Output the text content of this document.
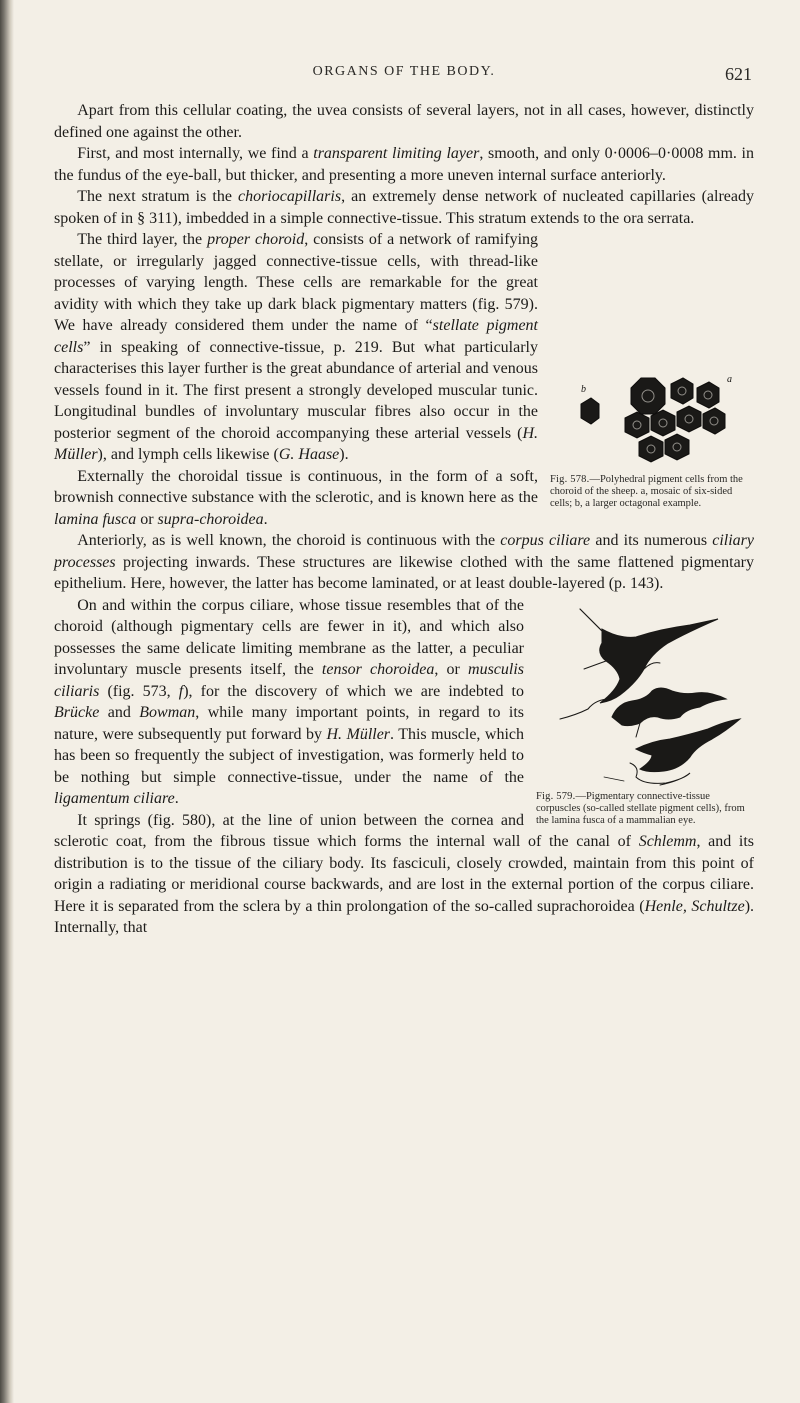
ORGANS OF THE BODY.	621

Apart from this cellular coating, the uvea consists of several layers, not in all cases, however, distinctly defined one against the other.

First, and most internally, we find a transparent limiting layer, smooth, and only 0·0006–0·0008 mm. in the fundus of the eye-ball, but thicker, and presenting a more uneven internal surface anteriorly.

The next stratum is the choriocapillaris, an extremely dense network of nucleated capillaries (already spoken of in § 311), imbedded in a simple connective-tissue. This stratum extends to the ora serrata.

b
a
Fig. 578.—Polyhedral pigment cells from the choroid of the sheep. a, mosaic of six-sided cells; b, a larger octagonal example.

The third layer, the proper choroid, consists of a network of ramifying stellate, or irregularly jagged connective-tissue cells, with thread-like processes of varying length. These cells are remarkable for the great avidity with which they take up dark black pigmentary matters (fig. 579). We have already considered them under the name of “stellate pigment cells” in speaking of connective-tissue, p. 219. But what particularly characterises this layer further is the great abundance of arterial and venous vessels found in it. The first present a strongly developed muscular tunic. Longitudinal bundles of involuntary muscular fibres also occur in the posterior segment of the choroid accompanying these arterial vessels (H. Müller), and lymph cells likewise (G. Haase).

Externally the choroidal tissue is continuous, in the form of a soft, brownish connective substance with the sclerotic, and is known here as the lamina fusca or supra-choroidea.

Anteriorly, as is well known, the choroid is continuous with the corpus ciliare and its numerous ciliary processes projecting inwards. These structures are likewise clothed with the same flattened pigmentary epithelium. Here, however, the latter has become laminated, or at least double-layered (p. 143).

Fig. 579.—Pigmentary connective-tissue corpuscles (so-called stellate pigment cells), from the lamina fusca of a mammalian eye.

On and within the corpus ciliare, whose tissue resembles that of the choroid (although pigmentary cells are fewer in it), and which also possesses the same delicate limiting membrane as the latter, a peculiar involuntary muscle presents itself, the tensor choroidea, or musculis ciliaris (fig. 573, f), for the discovery of which we are indebted to Brücke and Bowman, while many important points, in regard to its nature, were subsequently put forward by H. Müller. This muscle, which has been so frequently the subject of investigation, was formerly held to be nothing but simple connective-tissue, under the name of the ligamentum ciliare.

It springs (fig. 580), at the line of union between the cornea and sclerotic coat, from the fibrous tissue which forms the internal wall of the canal of Schlemm, and its distribution is to the tissue of the ciliary body. Its fasciculi, closely crowded, maintain from this point of origin a radiating or meridional course backwards, and are lost in the external portion of the corpus ciliare. Here it is separated from the sclera by a thin prolongation of the so-called suprachoroidea (Henle, Schultze). Internally, that
